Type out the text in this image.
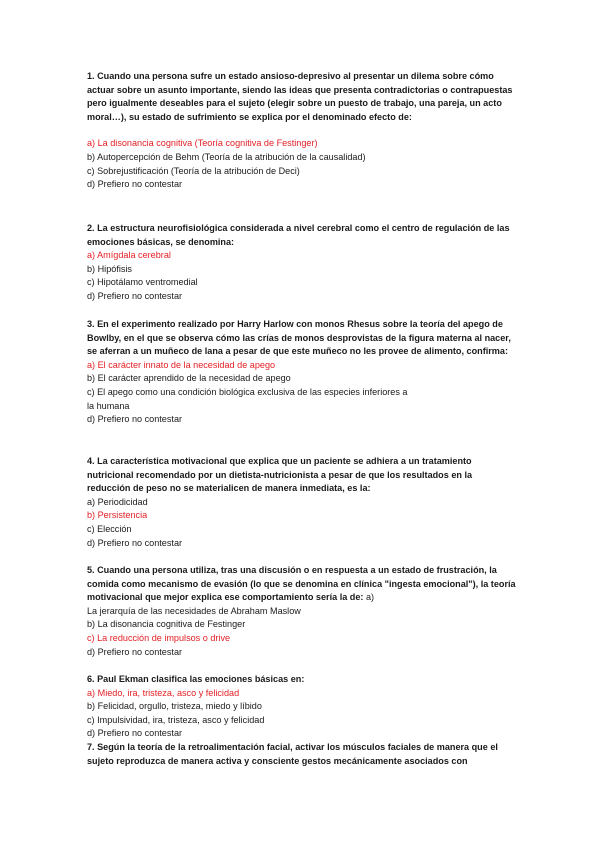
1. Cuando una persona sufre un estado ansioso-depresivo al presentar un dilema sobre cómo actuar sobre un asunto importante, siendo las ideas que presenta contradictorias o contrapuestas pero igualmente deseables para el sujeto (elegir sobre un puesto de trabajo, una pareja, un acto moral…), su estado de sufrimiento se explica por el denominado efecto de:
a) La disonancia cognitiva (Teoría cognitiva de Festinger)
b) Autopercepción de Behm (Teoría de la atribución de la causalidad)
c) Sobrejustificación (Teoría de la atribución de Deci)
d) Prefiero no contestar
2. La estructura neurofisiológica considerada a nivel cerebral como el centro de regulación de las emociones básicas, se denomina:
a) Amígdala cerebral
b) Hipófisis
c) Hipotálamo ventromedial
d) Prefiero no contestar
3. En el experimento realizado por Harry Harlow con monos Rhesus sobre la teoría del apego de Bowlby, en el que se observa cómo las crías de monos desprovistas de la figura materna al nacer, se aferran a un muñeco de lana a pesar de que este muñeco no les provee de alimento, confirma:
a) El carácter innato de la necesidad de apego
b) El carácter aprendido de la necesidad de apego
c) El apego como una condición biológica exclusiva de las especies inferiores a
la humana
d) Prefiero no contestar
4. La característica motivacional que explica que un paciente se adhiera a un tratamiento nutricional recomendado por un dietista-nutricionista a pesar de que los resultados en la reducción de peso no se materialicen de manera inmediata, es la:
a) Periodicidad
b) Persistencia
c) Elección
d) Prefiero no contestar
5. Cuando una persona utiliza, tras una discusión o en respuesta a un estado de frustración, la comida como mecanismo de evasión (lo que se denomina en clínica "ingesta emocional"), la teoría motivacional que mejor explica ese comportamiento sería la de: a)
La jerarquía de las necesidades de Abraham Maslow
b) La disonancia cognitiva de Festinger
c) La reducción de impulsos o drive
d) Prefiero no contestar
6. Paul Ekman clasifica las emociones básicas en:
a) Miedo, ira, tristeza, asco y felicidad
b) Felicidad, orgullo, tristeza, miedo y líbido
c) Impulsividad, ira, tristeza, asco y felicidad
d) Prefiero no contestar
7. Según la teoría de la retroalimentación facial, activar los músculos faciales de manera que el sujeto reproduzca de manera activa y consciente gestos mecánicamente asociados con
